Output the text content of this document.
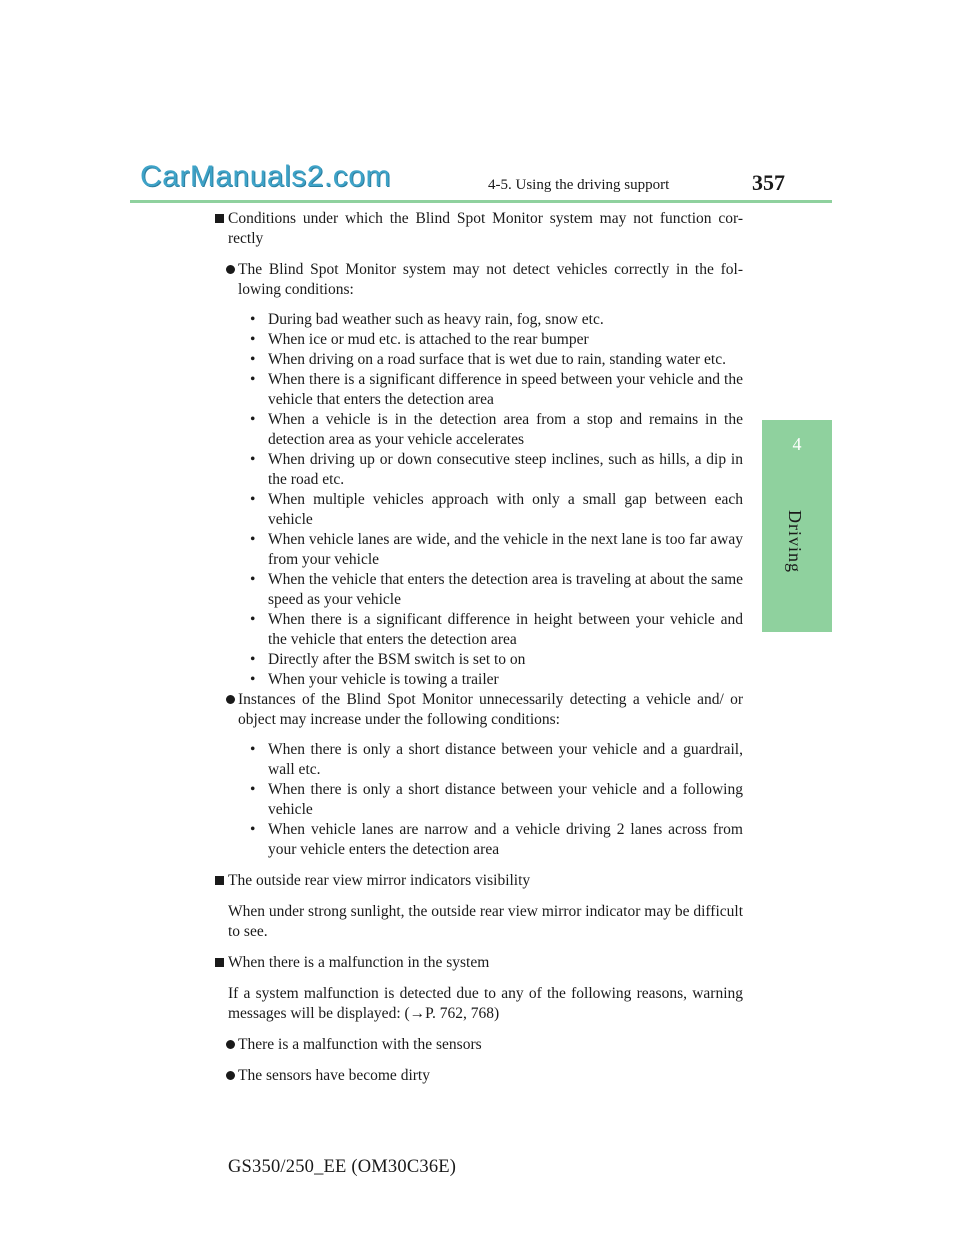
CarManuals2.com	4-5. Using the driving support	357
4
Driving

Conditions under which the Blind Spot Monitor system may not function cor-rectly

The Blind Spot Monitor system may not detect vehicles correctly in the fol-lowing conditions:

• During bad weather such as heavy rain, fog, snow etc.
• When ice or mud etc. is attached to the rear bumper
• When driving on a road surface that is wet due to rain, standing water etc.
• When there is a significant difference in speed between your vehicle and the vehicle that enters the detection area
• When a vehicle is in the detection area from a stop and remains in the detection area as your vehicle accelerates
• When driving up or down consecutive steep inclines, such as hills, a dip in the road etc.
• When multiple vehicles approach with only a small gap between each vehicle
• When vehicle lanes are wide, and the vehicle in the next lane is too far away from your vehicle
• When the vehicle that enters the detection area is traveling at about the same speed as your vehicle
• When there is a significant difference in height between your vehicle and the vehicle that enters the detection area
• Directly after the BSM switch is set to on
• When your vehicle is towing a trailer

Instances of the Blind Spot Monitor unnecessarily detecting a vehicle and/ or object may increase under the following conditions:

• When there is only a short distance between your vehicle and a guardrail, wall etc.
• When there is only a short distance between your vehicle and a following vehicle
• When vehicle lanes are narrow and a vehicle driving 2 lanes across from your vehicle enters the detection area

The outside rear view mirror indicators visibility

When under strong sunlight, the outside rear view mirror indicator may be difficult to see.

When there is a malfunction in the system

If a system malfunction is detected due to any of the following reasons, warning messages will be displayed: (→P. 762, 768)

There is a malfunction with the sensors

The sensors have become dirty

GS350/250_EE (OM30C36E)
